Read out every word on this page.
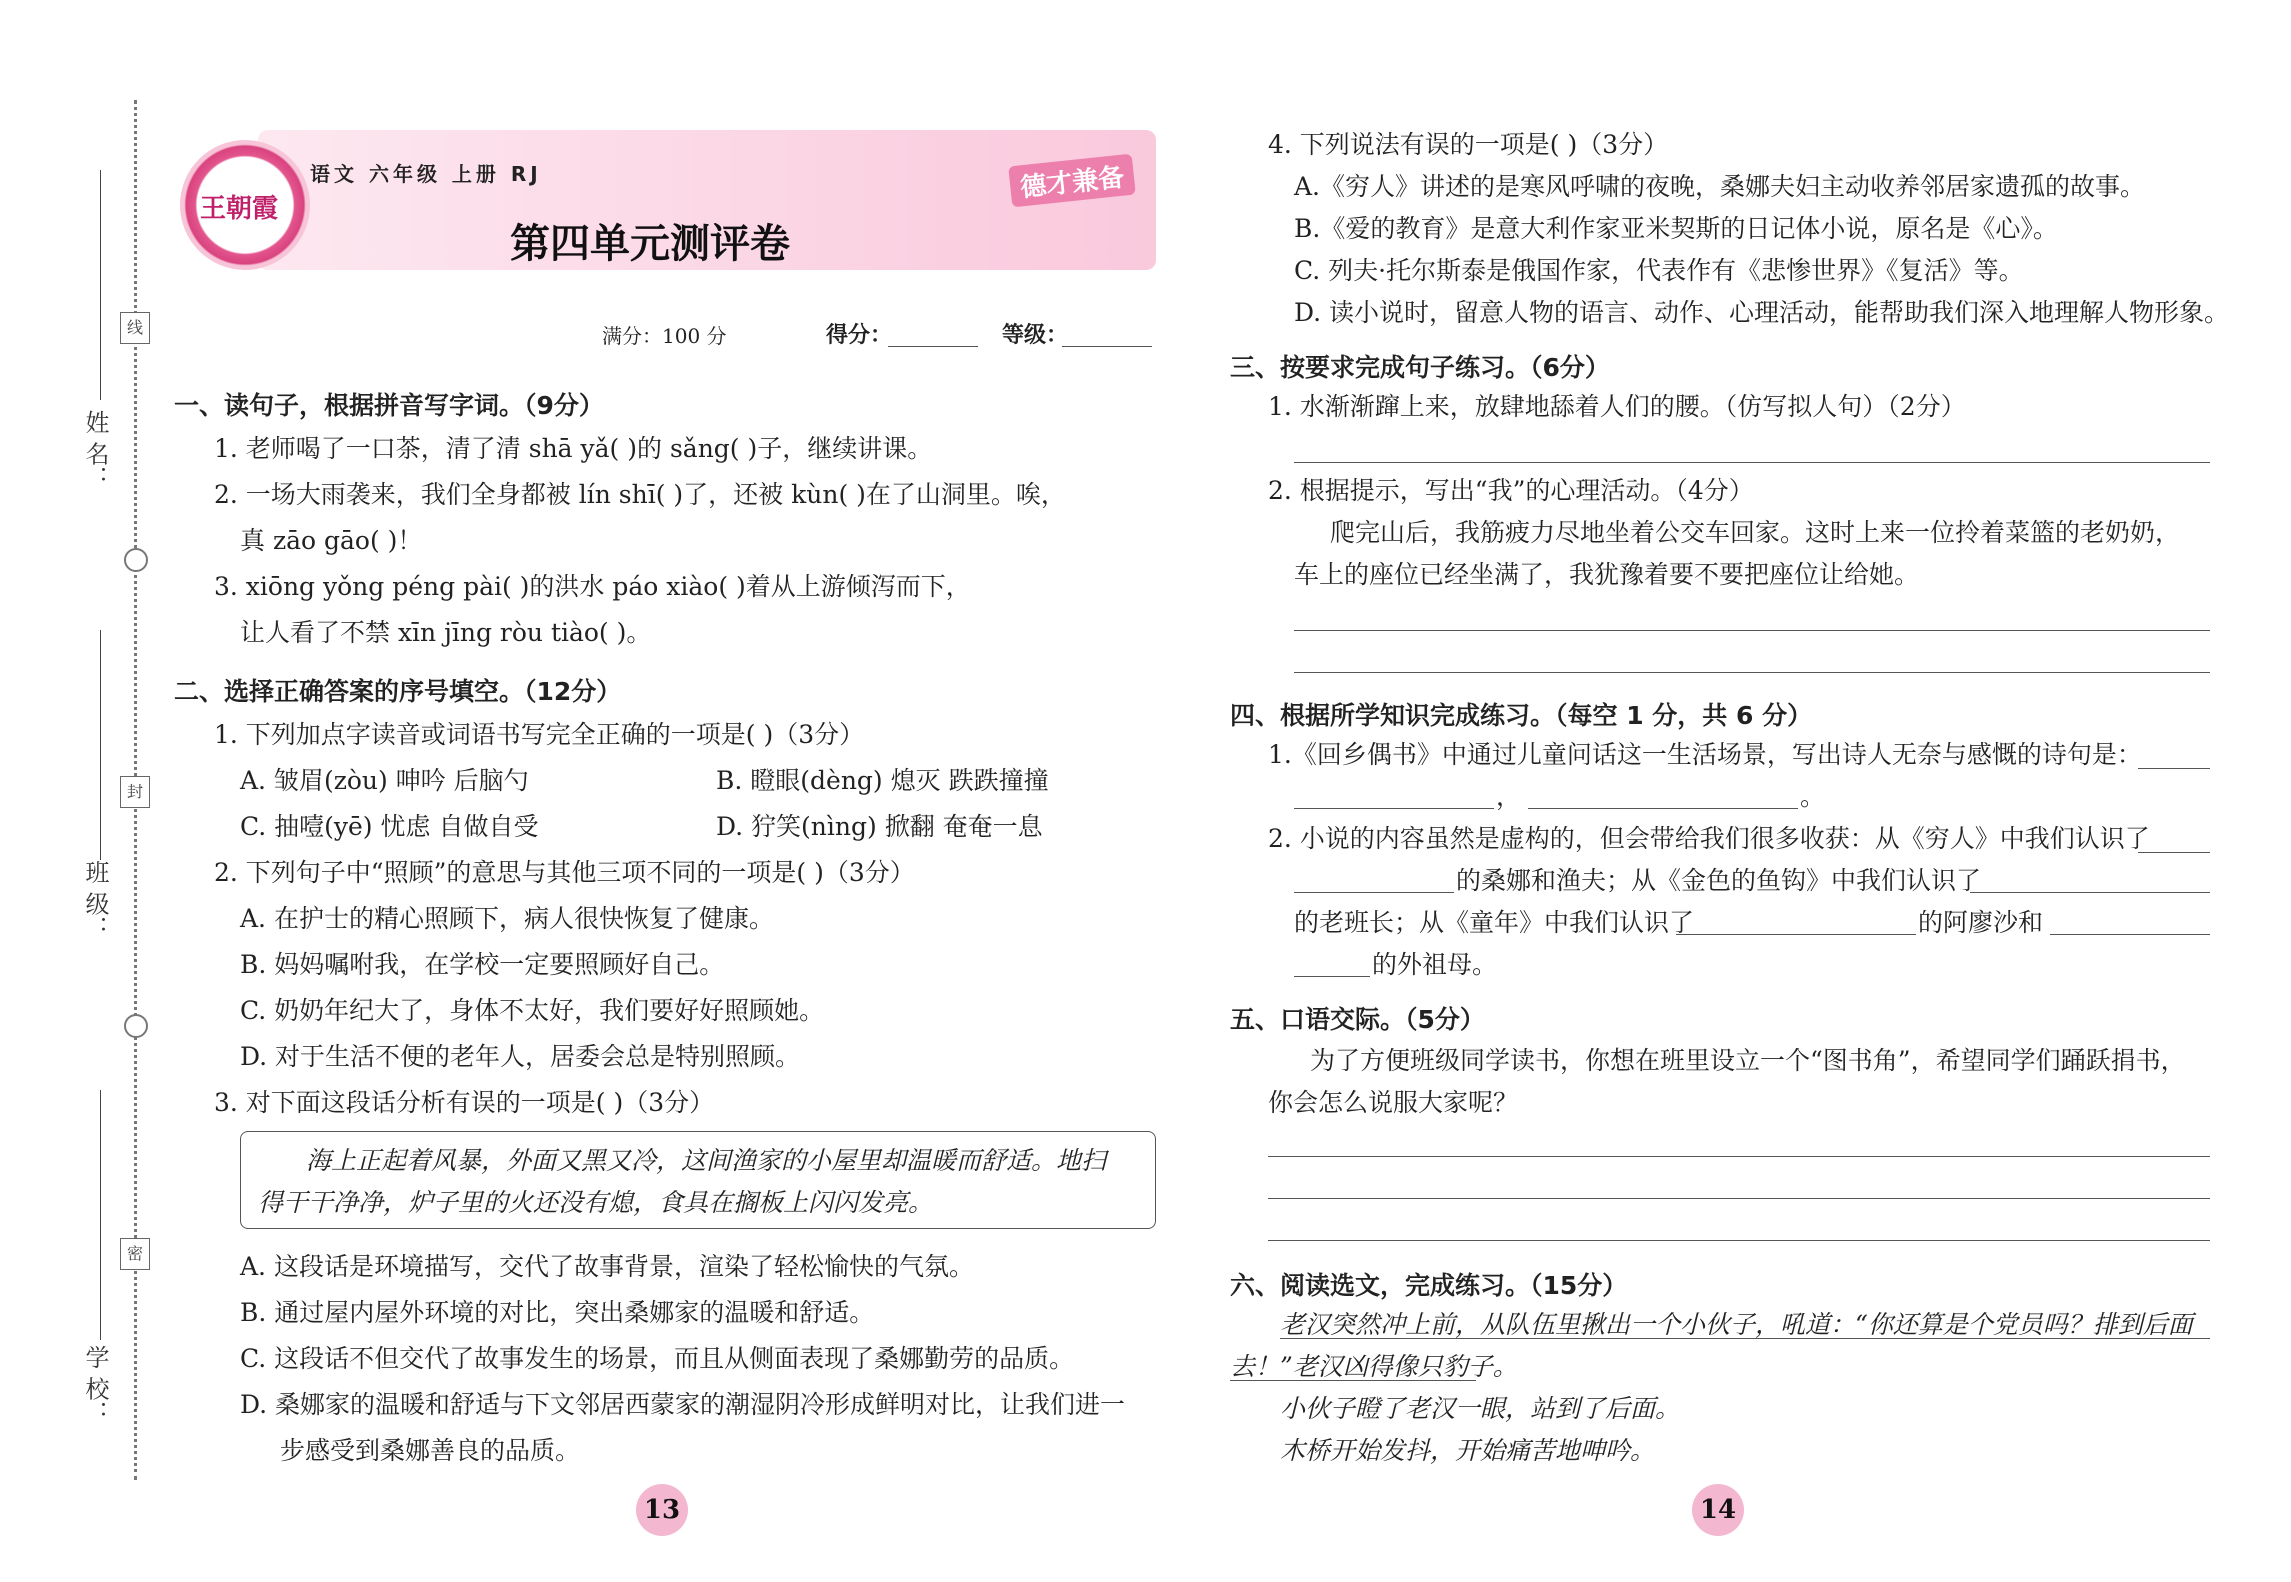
姓 名：
线
班 级：
封
学 校：
密
王朝霞
语文 六年级 上册 RJ
第四单元测评卷
德才兼备
满分：100 分	得分：	等级：
一、读句子，根据拼音写字词。（9分）
1. 老师喝了一口茶，清了清 shā yǎ( )的 sǎng( )子，继续讲课。
2. 一场大雨袭来，我们全身都被 lín shī( )了，还被 kùn( )在了山洞里。唉，
真 zāo gāo( )！
3. xiōng yǒng péng pài( )的洪水 páo xiào( )着从上游倾泻而下，
让人看了不禁 xīn jīng ròu tiào( )。
二、选择正确答案的序号填空。（12分）
1. 下列加点字读音或词语书写完全正确的一项是( )（3分）
A. 皱眉(zòu) 呻吟 后脑勺	B. 瞪眼(dèng) 熄灭 跌跌撞撞
C. 抽噎(yē) 忧虑 自做自受	D. 狞笑(nìng) 掀翻 奄奄一息
2. 下列句子中“照顾”的意思与其他三项不同的一项是( )（3分）
A. 在护士的精心照顾下，病人很快恢复了健康。
B. 妈妈嘱咐我，在学校一定要照顾好自己。
C. 奶奶年纪大了，身体不太好，我们要好好照顾她。
D. 对于生活不便的老年人，居委会总是特别照顾。
3. 对下面这段话分析有误的一项是( )（3分）
海上正起着风暴，外面又黑又冷，这间渔家的小屋里却温暖而舒适。地扫
得干干净净，炉子里的火还没有熄，食具在搁板上闪闪发亮。
A. 这段话是环境描写，交代了故事背景，渲染了轻松愉快的气氛。
B. 通过屋内屋外环境的对比，突出桑娜家的温暖和舒适。
C. 这段话不但交代了故事发生的场景，而且从侧面表现了桑娜勤劳的品质。
D. 桑娜家的温暖和舒适与下文邻居西蒙家的潮湿阴冷形成鲜明对比，让我们进一
步感受到桑娜善良的品质。
13
4. 下列说法有误的一项是( )（3分）
A.《穷人》讲述的是寒风呼啸的夜晚，桑娜夫妇主动收养邻居家遗孤的故事。
B.《爱的教育》是意大利作家亚米契斯的日记体小说，原名是《心》。
C. 列夫·托尔斯泰是俄国作家，代表作有《悲惨世界》《复活》等。
D. 读小说时，留意人物的语言、动作、心理活动，能帮助我们深入地理解人物形象。
三、按要求完成句子练习。（6分）
1. 水渐渐蹿上来，放肆地舔着人们的腰。（仿写拟人句）（2分）
2. 根据提示，写出“我”的心理活动。（4分）
爬完山后，我筋疲力尽地坐着公交车回家。这时上来一位拎着菜篮的老奶奶，
车上的座位已经坐满了，我犹豫着要不要把座位让给她。
四、根据所学知识完成练习。（每空 1 分，共 6 分）
1.《回乡偶书》中通过儿童问话这一生活场景，写出诗人无奈与感慨的诗句是：
，	。
2. 小说的内容虽然是虚构的，但会带给我们很多收获：从《穷人》中我们认识了
的桑娜和渔夫；从《金色的鱼钩》中我们认识了
的老班长；从《童年》中我们认识了	的阿廖沙和
的外祖母。
五、口语交际。（5分）
为了方便班级同学读书，你想在班里设立一个“图书角”，希望同学们踊跃捐书，
你会怎么说服大家呢？
六、阅读选文，完成练习。（15分）
老汉突然冲上前，从队伍里揪出一个小伙子，吼道：“你还算是个党员吗？排到后面
去！”老汉凶得像只豹子。
小伙子瞪了老汉一眼，站到了后面。
木桥开始发抖，开始痛苦地呻吟。
14
